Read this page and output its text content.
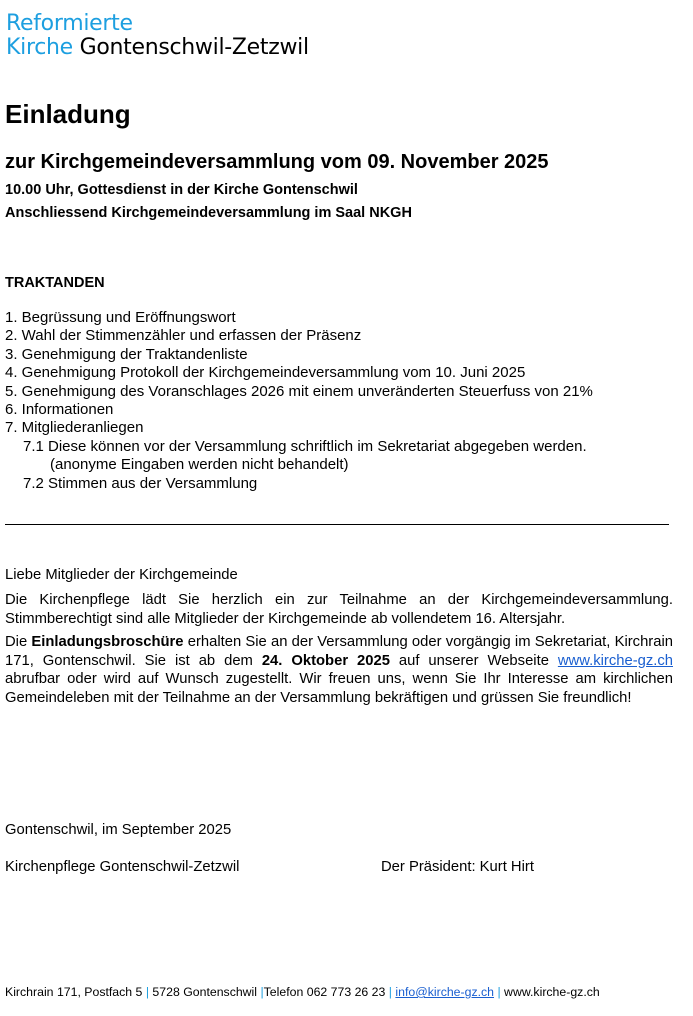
Reformierte
Kirche Gontenschwil-Zetzwil
Einladung
zur Kirchgemeindeversammlung vom 09. November 2025
10.00 Uhr, Gottesdienst in der Kirche Gontenschwil
Anschliessend Kirchgemeindeversammlung im Saal NKGH
TRAKTANDEN
1. Begrüssung und Eröffnungswort
2. Wahl der Stimmenzähler und erfassen der Präsenz
3. Genehmigung der Traktandenliste
4. Genehmigung Protokoll der Kirchgemeindeversammlung vom 10. Juni 2025
5. Genehmigung des Voranschlages 2026 mit einem unveränderten Steuerfuss von 21%
6. Informationen
7. Mitgliederanliegen
7.1 Diese können vor der Versammlung schriftlich im Sekretariat abgegeben werden.
(anonyme Eingaben werden nicht behandelt)
7.2 Stimmen aus der Versammlung
Liebe Mitglieder der Kirchgemeinde
Die Kirchenpflege lädt Sie herzlich ein zur Teilnahme an der Kirchgemeindeversammlung. Stimmberechtigt sind alle Mitglieder der Kirchgemeinde ab vollendetem 16. Altersjahr.
Die Einladungsbroschüre erhalten Sie an der Versammlung oder vorgängig im Sekretariat, Kirchrain 171, Gontenschwil. Sie ist ab dem 24. Oktober 2025 auf unserer Webseite www.kirche-gz.ch abrufbar oder wird auf Wunsch zugestellt. Wir freuen uns, wenn Sie Ihr Interesse am kirchlichen Gemeindeleben mit der Teilnahme an der Versammlung bekräftigen und grüssen Sie freundlich!
Gontenschwil, im September 2025
Kirchenpflege Gontenschwil-Zetzwil	Der Präsident: Kurt Hirt
Kirchrain 171, Postfach 5 | 5728 Gontenschwil |Telefon 062 773 26 23 | info@kirche-gz.ch | www.kirche-gz.ch
